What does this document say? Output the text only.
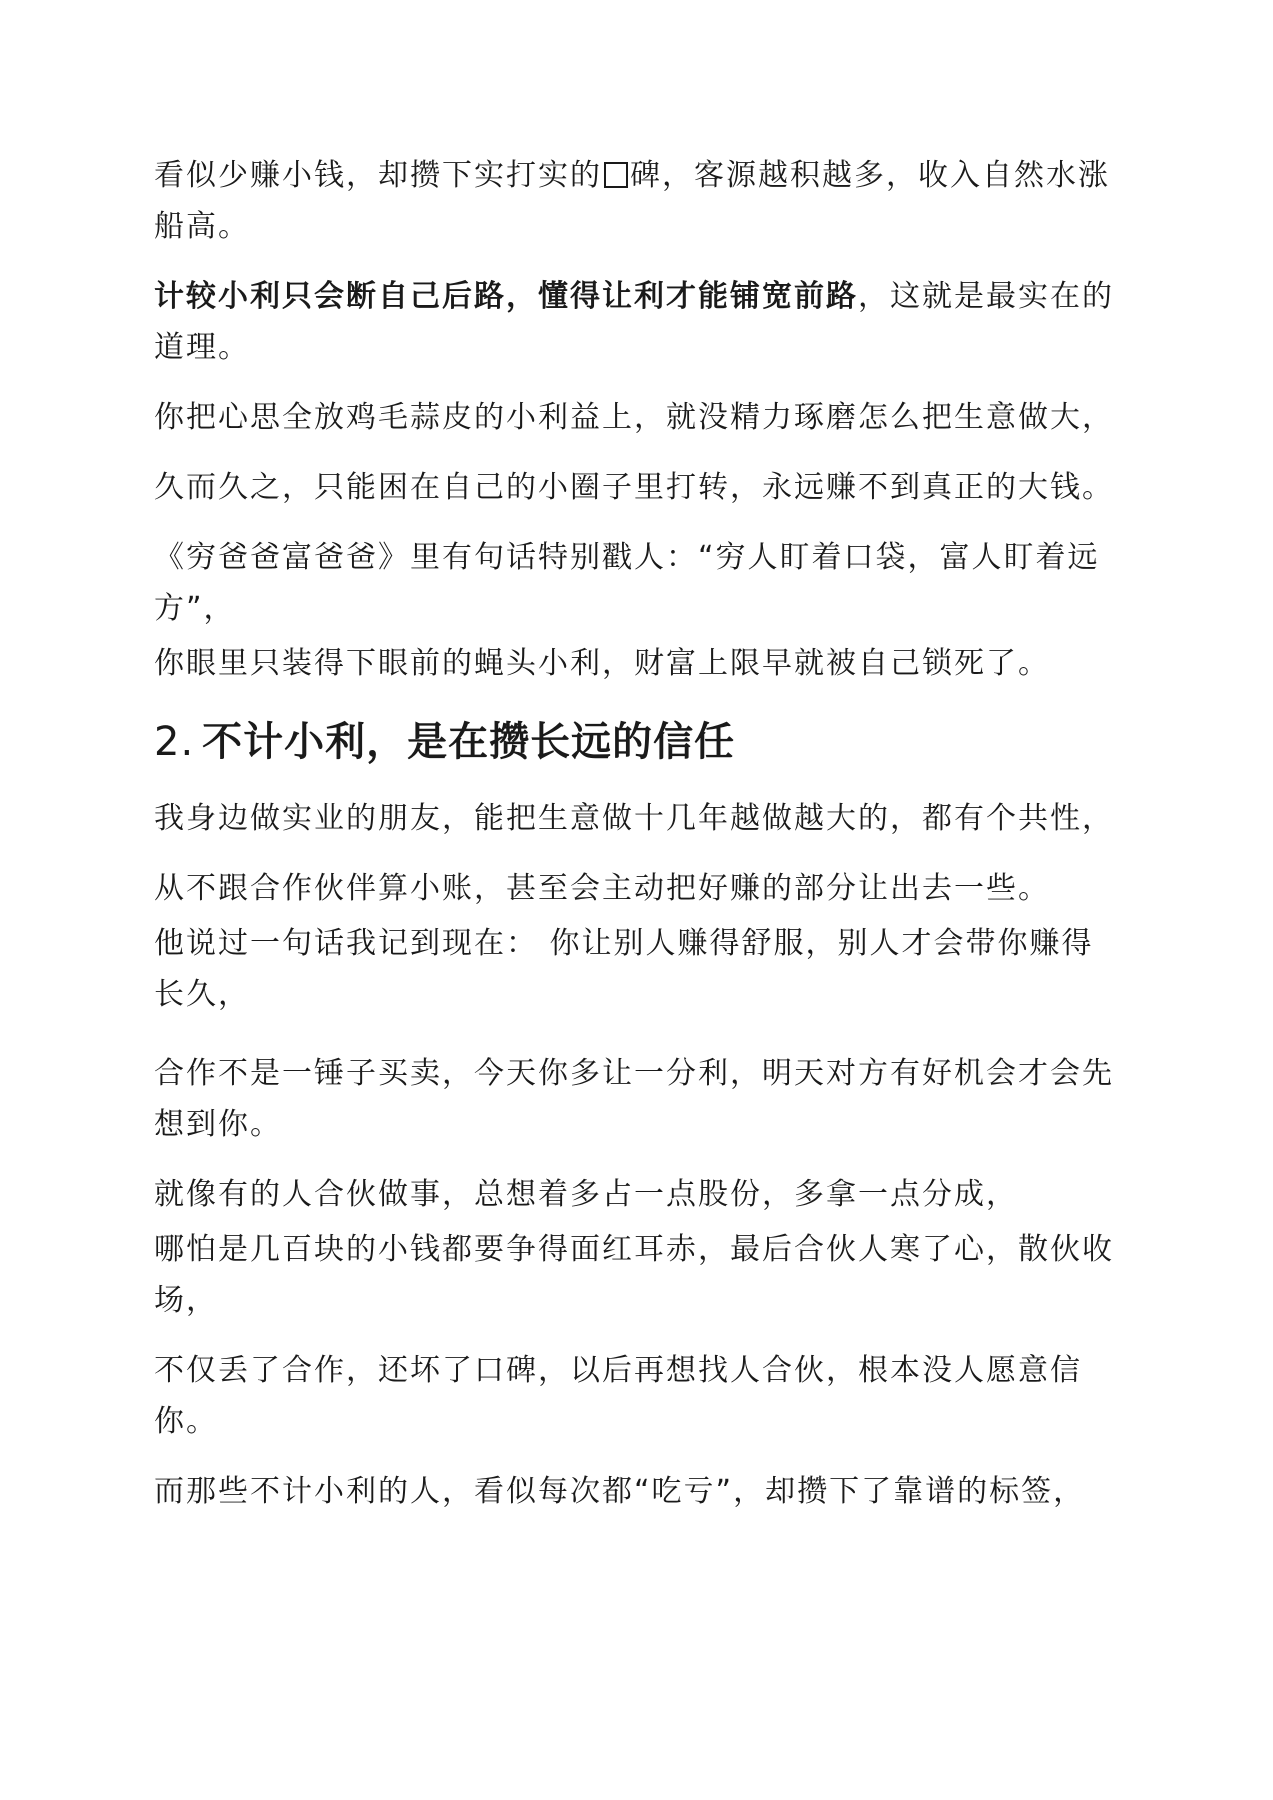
看似少赚小钱，却攒下实打实的 碑，客源越积越多，收入自然水涨船高。

计较小利只会断自己后路，懂得让利才能铺宽前路，这就是最实在的道理。

你把心思全放鸡毛蒜皮的小利益上，就没精力琢磨怎么把生意做大，

久而久之，只能困在自己的小圈子里打转，永远赚不到真正的大钱。

《穷爸爸富爸爸》里有句话特别戳人：“穷人盯着口袋，富人盯着远方”，

你眼里只装得下眼前的蝇头小利，财富上限早就被自己锁死了。

2. 不计小利，是在攒长远的信任

我身边做实业的朋友，能把生意做十几年越做越大的，都有个共性，

从不跟合作伙伴算小账，甚至会主动把好赚的部分让出去一些。

他说过一句话我记到现在： 你让别人赚得舒服，别人才会带你赚得长久，

合作不是一锤子买卖，今天你多让一分利，明天对方有好机会才会先想到你。

就像有的人合伙做事，总想着多占一点股份，多拿一点分成，

哪怕是几百块的小钱都要争得面红耳赤，最后合伙人寒了心，散伙收场，

不仅丢了合作，还坏了口碑，以后再想找人合伙，根本没人愿意信你。

而那些不计小利的人，看似每次都“吃亏”，却攒下了靠谱的标签，
